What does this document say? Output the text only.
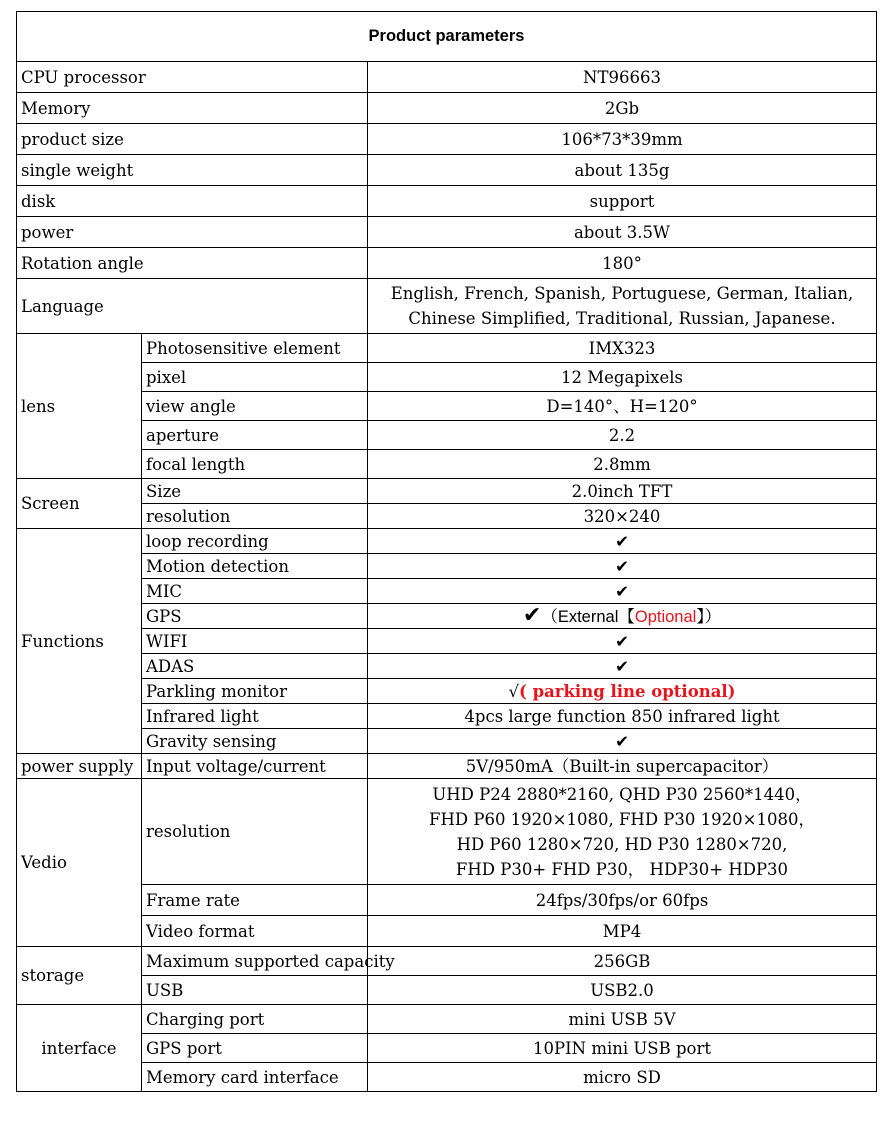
Product parameters		
CPU processor		NT96663
Memory		2Gb
product size		106*73*39mm
single weight		about 135g
disk		support
power		about 3.5W
Rotation angle		180°
Language		English, French, Spanish, Portuguese, German, Italian, Chinese Simplified, Traditional, Russian, Japanese.
lens	Photosensitive element	IMX323
	pixel	12 Megapixels
	view angle	D=140°、H=120°
	aperture	2.2
	focal length	2.8mm
Screen	Size	2.0inch TFT
	resolution	320×240
Functions	loop recording	✔
	Motion detection	✔
	MIC	✔
	GPS	✔（External【Optional】）
	WIFI	✔
	ADAS	✔
	Parkling monitor	√( parking line optional)
	Infrared light	4pcs large function 850 infrared light
	Gravity sensing	✔
power supply	Input voltage/current	5V/950mA（Built-in supercapacitor）
Vedio	resolution	UHD P24 2880*2160, QHD P30 2560*1440，
FHD P60 1920×1080, FHD P30 1920×1080，
HD P60 1280×720, HD P30 1280×720,
FHD P30+ FHD P30， HDP30+ HDP30

	Frame rate	24fps/30fps/or 60fps
	Video format	MP4
storage	Maximum supported capacity	256GB
	USB	USB2.0
interface	Charging port	mini USB 5V
	GPS port	10PIN mini USB port
	Memory card interface	micro SD
